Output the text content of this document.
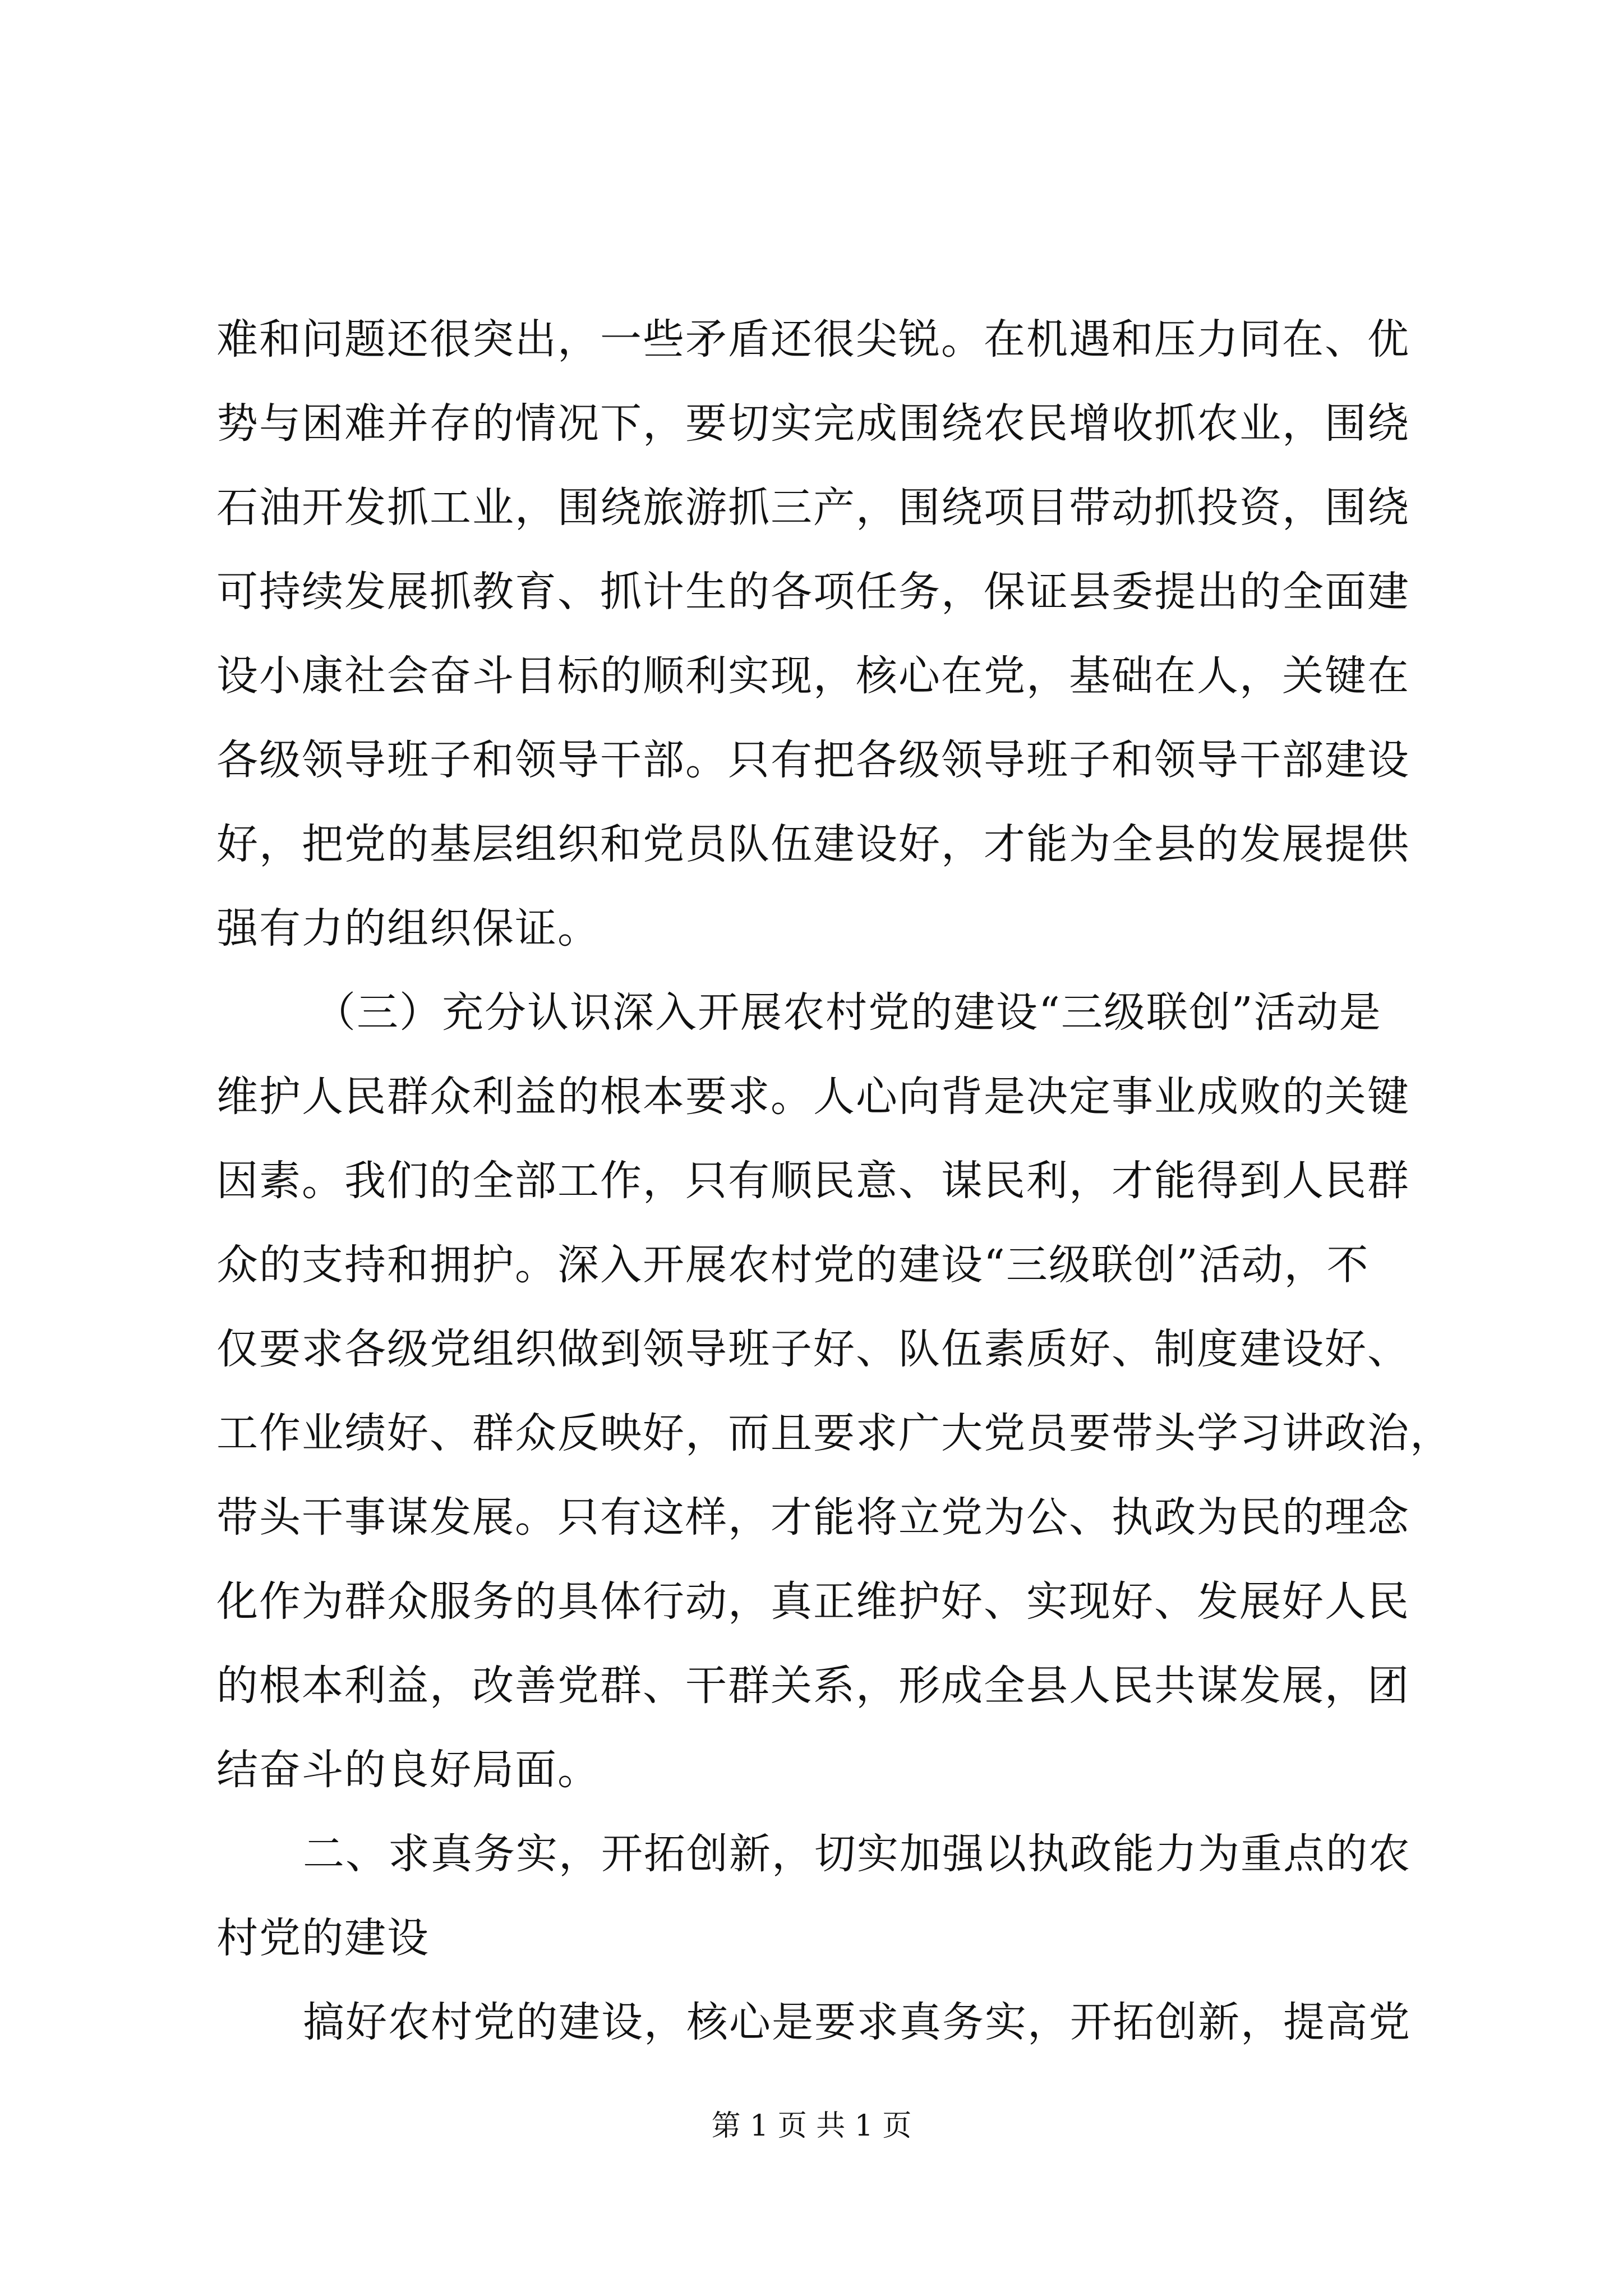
难和问题还很突出，一些矛盾还很尖锐。在机遇和压力同在、优
势与困难并存的情况下，要切实完成围绕农民增收抓农业，围绕
石油开发抓工业，围绕旅游抓三产，围绕项目带动抓投资，围绕
可持续发展抓教育、抓计生的各项任务，保证县委提出的全面建
设小康社会奋斗目标的顺利实现，核心在党，基础在人，关键在
各级领导班子和领导干部。只有把各级领导班子和领导干部建设
好，把党的基层组织和党员队伍建设好，才能为全县的发展提供
强有力的组织保证。
（三）充分认识深入开展农村党的建设“三级联创”活动是
维护人民群众利益的根本要求。人心向背是决定事业成败的关键
因素。我们的全部工作，只有顺民意、谋民利，才能得到人民群
众的支持和拥护。深入开展农村党的建设“三级联创”活动，不
仅要求各级党组织做到领导班子好、队伍素质好、制度建设好、
工作业绩好、群众反映好，而且要求广大党员要带头学习讲政治，
带头干事谋发展。只有这样，才能将立党为公、执政为民的理念
化作为群众服务的具体行动，真正维护好、实现好、发展好人民
的根本利益，改善党群、干群关系，形成全县人民共谋发展，团
结奋斗的良好局面。
二、求真务实，开拓创新，切实加强以执政能力为重点的农
村党的建设
搞好农村党的建设，核心是要求真务实，开拓创新，提高党
第 1 页 共 1 页
